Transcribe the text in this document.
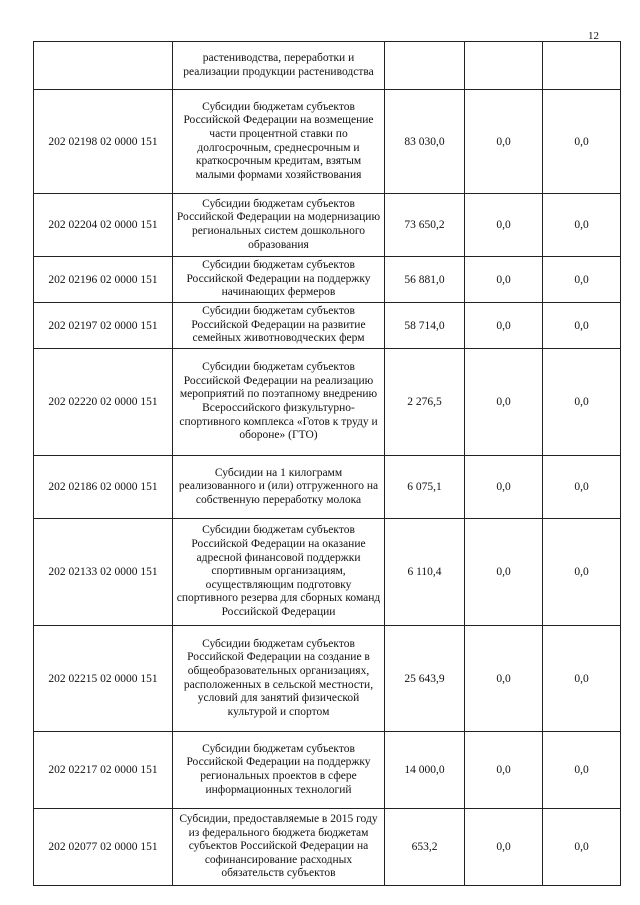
12
	растениводства, переработки и реализации продукции растениводства			
202 02198 02 0000 151	Субсидии бюджетам субъектов Российской Федерации на возмещение части процентной ставки по долгосрочным, среднесрочным и краткосрочным кредитам, взятым малыми формами хозяйствования	83 030,0	0,0	0,0
202 02204 02 0000 151	Субсидии бюджетам субъектов Российской Федерации на модернизацию региональных систем дошкольного образования	73 650,2	0,0	0,0
202 02196 02 0000 151	Субсидии бюджетам субъектов Российской Федерации на поддержку начинающих фермеров	56 881,0	0,0	0,0
202 02197 02 0000 151	Субсидии бюджетам субъектов Российской Федерации на развитие семейных животноводческих ферм	58 714,0	0,0	0,0
202 02220 02 0000 151	Субсидии бюджетам субъектов Российской Федерации на реализацию мероприятий по поэтапному внедрению Всероссийского физкультурно-спортивного комплекса «Готов к труду и обороне» (ГТО)	2 276,5	0,0	0,0
202 02186 02 0000 151	Субсидии на 1 килограмм реализованного и (или) отгруженного на собственную переработку молока	6 075,1	0,0	0,0
202 02133 02 0000 151	Субсидии бюджетам субъектов Российской Федерации на оказание адресной финансовой поддержки спортивным организациям, осуществляющим подготовку спортивного резерва для сборных команд Российской Федерации	6 110,4	0,0	0,0
202 02215 02 0000 151	Субсидии бюджетам субъектов Российской Федерации на создание в общеобразовательных организациях, расположенных в сельской местности, условий для занятий физической культурой и спортом	25 643,9	0,0	0,0
202 02217 02 0000 151	Субсидии бюджетам субъектов Российской Федерации на поддержку региональных проектов в сфере информационных технологий	14 000,0	0,0	0,0
202 02077 02 0000 151	Субсидии, предоставляемые в 2015 году из федерального бюджета бюджетам субъектов Российской Федерации на софинансирование расходных обязательств субъектов	653,2	0,0	0,0
